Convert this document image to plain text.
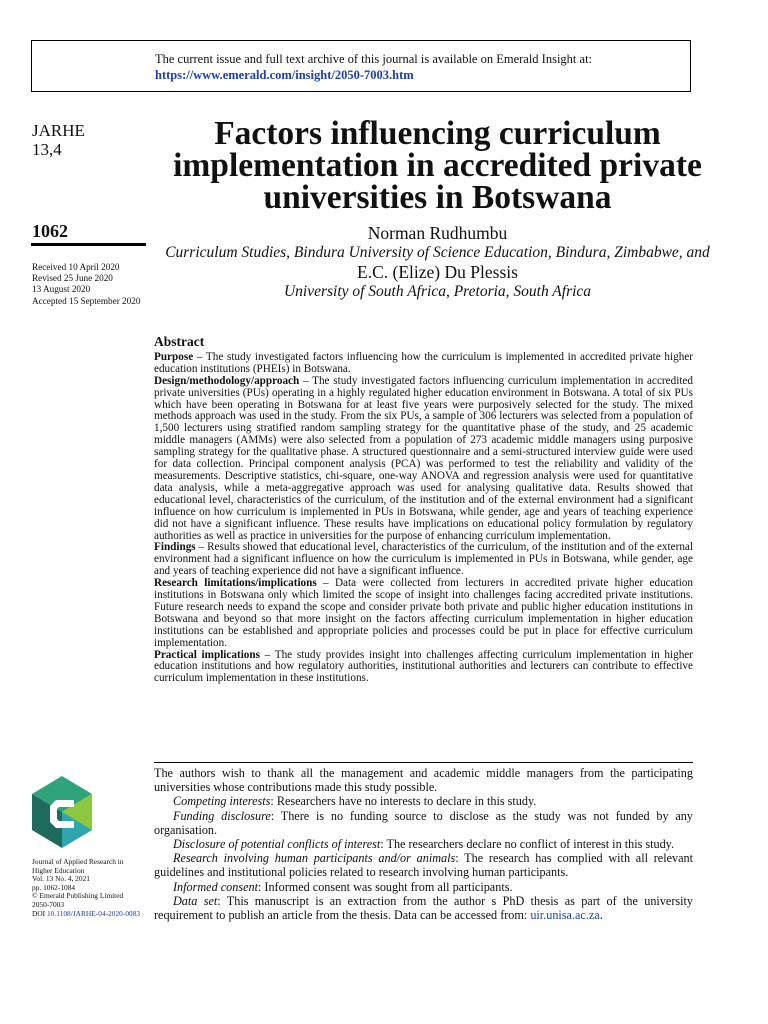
The current issue and full text archive of this journal is available on Emerald Insight at:
https://www.emerald.com/insight/2050-7003.htm
JARHE
13,4
1062
Received 10 April 2020
Revised 25 June 2020
13 August 2020
Accepted 15 September 2020
Factors influencing curriculum implementation in accredited private universities in Botswana
Norman Rudhumbu
Curriculum Studies, Bindura University of Science Education, Bindura, Zimbabwe, and
E.C. (Elize) Du Plessis
University of South Africa, Pretoria, South Africa
Abstract

Purpose – The study investigated factors influencing how the curriculum is implemented in accredited private higher education institutions (PHEIs) in Botswana.

Design/methodology/approach – The study investigated factors influencing curriculum implementation in accredited private universities (PUs) operating in a highly regulated higher education environment in Botswana. A total of six PUs which have been operating in Botswana for at least five years were purposively selected for the study. The mixed methods approach was used in the study. From the six PUs, a sample of 306 lecturers was selected from a population of 1,500 lecturers using stratified random sampling strategy for the quantitative phase of the study, and 25 academic middle managers (AMMs) were also selected from a population of 273 academic middle managers using purposive sampling strategy for the qualitative phase. A structured questionnaire and a semi-structured interview guide were used for data collection. Principal component analysis (PCA) was performed to test the reliability and validity of the measurements. Descriptive statistics, chi-square, one-way ANOVA and regression analysis were used for quantitative data analysis, while a meta-aggregative approach was used for analysing qualitative data. Results showed that educational level, characteristics of the curriculum, of the institution and of the external environment had a significant influence on how curriculum is implemented in PUs in Botswana, while gender, age and years of teaching experience did not have a significant influence. These results have implications on educational policy formulation by regulatory authorities as well as practice in universities for the purpose of enhancing curriculum implementation.

Findings – Results showed that educational level, characteristics of the curriculum, of the institution and of the external environment had a significant influence on how the curriculum is implemented in PUs in Botswana, while gender, age and years of teaching experience did not have a significant influence.

Research limitations/implications – Data were collected from lecturers in accredited private higher education institutions in Botswana only which limited the scope of insight into challenges facing accredited private institutions. Future research needs to expand the scope and consider private both private and public higher education institutions in Botswana and beyond so that more insight on the factors affecting curriculum implementation in higher education institutions can be established and appropriate policies and processes could be put in place for effective curriculum implementation.

Practical implications – The study provides insight into challenges affecting curriculum implementation in higher education institutions and how regulatory authorities, institutional authorities and lecturers can contribute to effective curriculum implementation in these institutions.

The authors wish to thank all the management and academic middle managers from the participating universities whose contributions made this study possible.

Competing interests: Researchers have no interests to declare in this study.

Funding disclosure: There is no funding source to disclose as the study was not funded by any organisation.

Disclosure of potential conflicts of interest: The researchers declare no conflict of interest in this study.

Research involving human participants and/or animals: The research has complied with all relevant guidelines and institutional policies related to research involving human participants.

Informed consent: Informed consent was sought from all participants.

Data set: This manuscript is an extraction from the author s PhD thesis as part of the university requirement to publish an article from the thesis. Data can be accessed from: uir.unisa.ac.za.

Journal of Applied Research in
Higher Education
Vol. 13 No. 4, 2021
pp. 1062-1084
© Emerald Publishing Limited
2050-7003
DOI 10.1108/JARHE-04-2020-0083
